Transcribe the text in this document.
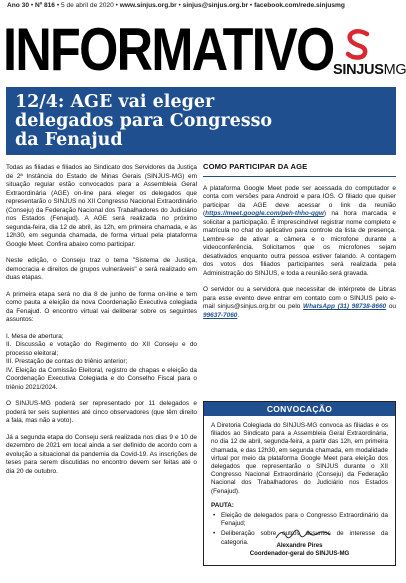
Ano 30 • Nº 816 • 5 de abril de 2020 • www.sinjus.org.br • sinjus@sinjus.org.br • facebook.com/rede.sinjusmg
INFORMATIVO SINJUSMG
12/4: AGE vai eleger delegados para Congresso da Fenajud

Todas as filiadas e filiados ao Sindicato dos Servidores da Justiça de 2ª Instância do Estado de Minas Gerais (SINJUS-MG) em situação regular estão convocados para a Assembleia Geral Extraordinária (AGE) on-line para eleger os delegados que representarão o SINJUS no XII Congresso Nacional Extraordinário (Conseju) da Federação Nacional dos Trabalhadores do Judiciário nos Estados (Fenajud). A AGE será realizada no próximo segunda-feira, dia 12 de abril, às 12h, em primeira chamada, e às 12h30, em segunda chamada, de forma virtual pela plataforma Google Meet. Confira abaixo como participar.

Neste edição, o Conseju traz o tema "Sistema de Justiça, democracia e direitos de grupos vulneráveis" e será realizado em duas etapas.

A primeira etapa será no dia 8 de junho de forma on-line e tem como pauta a eleição da nova Coordenação Executiva colegiada da Fenajud. O encontro virtual vai deliberar sobre os seguintes assuntos:

I. Mesa de abertura;

II. Discussão e votação do Regimento do XII Conseju e do processo eleitoral;

III. Prestação de contas do triênio anterior;

IV. Eleição da Comissão Eleitoral, registro de chapas e eleição da Coordenação Executiva Colegiada e do Conselho Fiscal para o triênio 2021/2024.

O SINJUS-MG poderá ser representado por 11 delegados e poderá ter seis suplentes até cinco observadores (que têm direito a fala, mas não a voto).

Já a segunda etapa do Conseju será realizada nos dias 9 e 10 de dezembro de 2021 em local ainda a ser definido de acordo com a evolução a situacional da pandemia da Covid-19. As inscrições de teses para serem discutidas no encontro devem ser feitas até o dia 20 de outubro.

COMO PARTICIPAR DA AGE

A plataforma Google Meet pode ser acessada do computador e conta com versões para Android e para IOS. O filiado que quiser participar da AGE deve acessar o link da reunião (https://meet.google.com/peh-thho-qgw) na hora marcada e solicitar a participação. É imprescindível registrar nome completo e matrícula no chat do aplicativo para controle da lista de presença. Lembre-se de ativar a câmera e o microfone durante a videoconferência. Solicitamos que os microfones sejam desativados enquanto outra pessoa estiver falando. A contagem dos votos dos filiados participantes será realizada pela Administração do SINJUS, e toda a reunião será gravada.

O servidor ou a servidora que necessitar de intérprete de Libras para esse evento deve entrar em contato com o SINJUS pelo e-mail sinjus@sinjus.org.br ou pelo WhatsApp (31) 98738-8660 ou 99637-7060.

CONVOCAÇÃO

A Diretoria Colegiada do SINJUS-MG convoca as filiadas e os filiados ao Sindicato para a Assembleia Geral Extraordinária, no dia 12 de abril, segunda-feira, a partir das 12h, em primeira chamada, e das 12h30, em segunda chamada, em modalidade virtual por meio da plataforma Google Meet para eleição dos delegados que representarão o SINJUS durante o XII Congresso Nacional Extraordinário (Conseju) da Federação Nacional dos Trabalhadores do Judiciário nos Estados (Fenajud).

PAUTA:

• Eleição de delegados para o Congresso Extraordinário da Fenajud;
• Deliberação sobre outros assuntos de interesse da categoria.	Alexandre Pires
Coordenador-geral do SINJUS-MG
